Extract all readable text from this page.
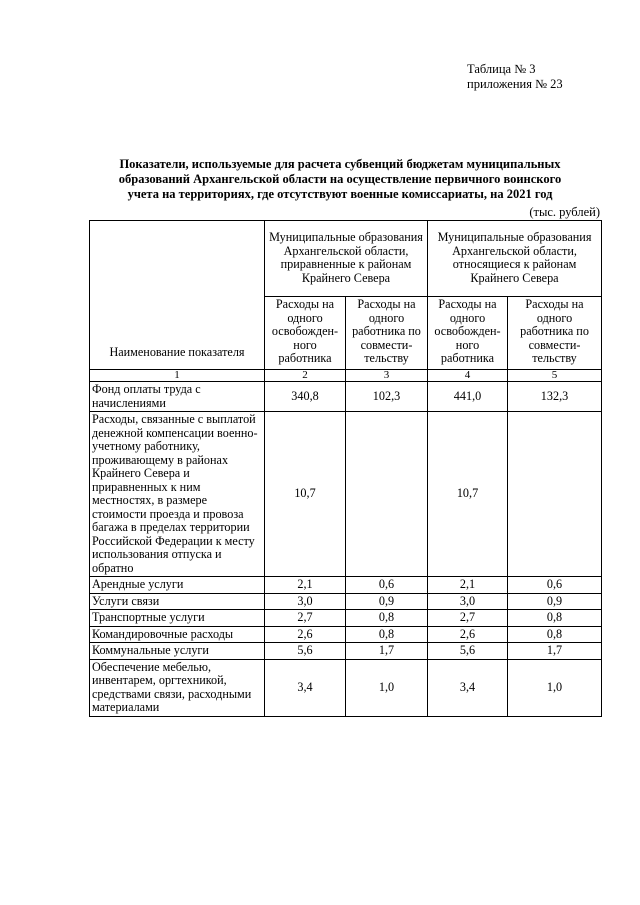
Таблица № 3
приложения № 23
Показатели, используемые для расчета субвенций бюджетам муниципальных образований Архангельской области на осуществление первичного воинского учета на территориях, где отсутствуют военные комиссариаты, на 2021 год
(тыс. рублей)
Наименование показателя	Муниципальные образования Архангельской области, приравненные к районам Крайнего Севера		Муниципальные образования Архангельской области, относящиеся к районам Крайнего Севера	
	Расходы на одного освобожден-ного работника	Расходы на одного работника по совмести-тельству	Расходы на одного освобожден-ного работника	Расходы на одного работника по совмести-тельству
1	2	3	4	5
Фонд оплаты труда с начислениями	340,8	102,3	441,0	132,3
Расходы, связанные с выплатой денежной компенсации военно-учетному работнику, проживающему в районах Крайнего Севера и приравненных к ним местностях, в размере стоимости проезда и провоза багажа в пределах территории Российской Федерации к месту использования отпуска и обратно	10,7		10,7	
Арендные услуги	2,1	0,6	2,1	0,6
Услуги связи	3,0	0,9	3,0	0,9
Транспортные услуги	2,7	0,8	2,7	0,8
Командировочные расходы	2,6	0,8	2,6	0,8
Коммунальные услуги	5,6	1,7	5,6	1,7
Обеспечение мебелью, инвентарем, оргтехникой, средствами связи, расходными материалами	3,4	1,0	3,4	1,0
